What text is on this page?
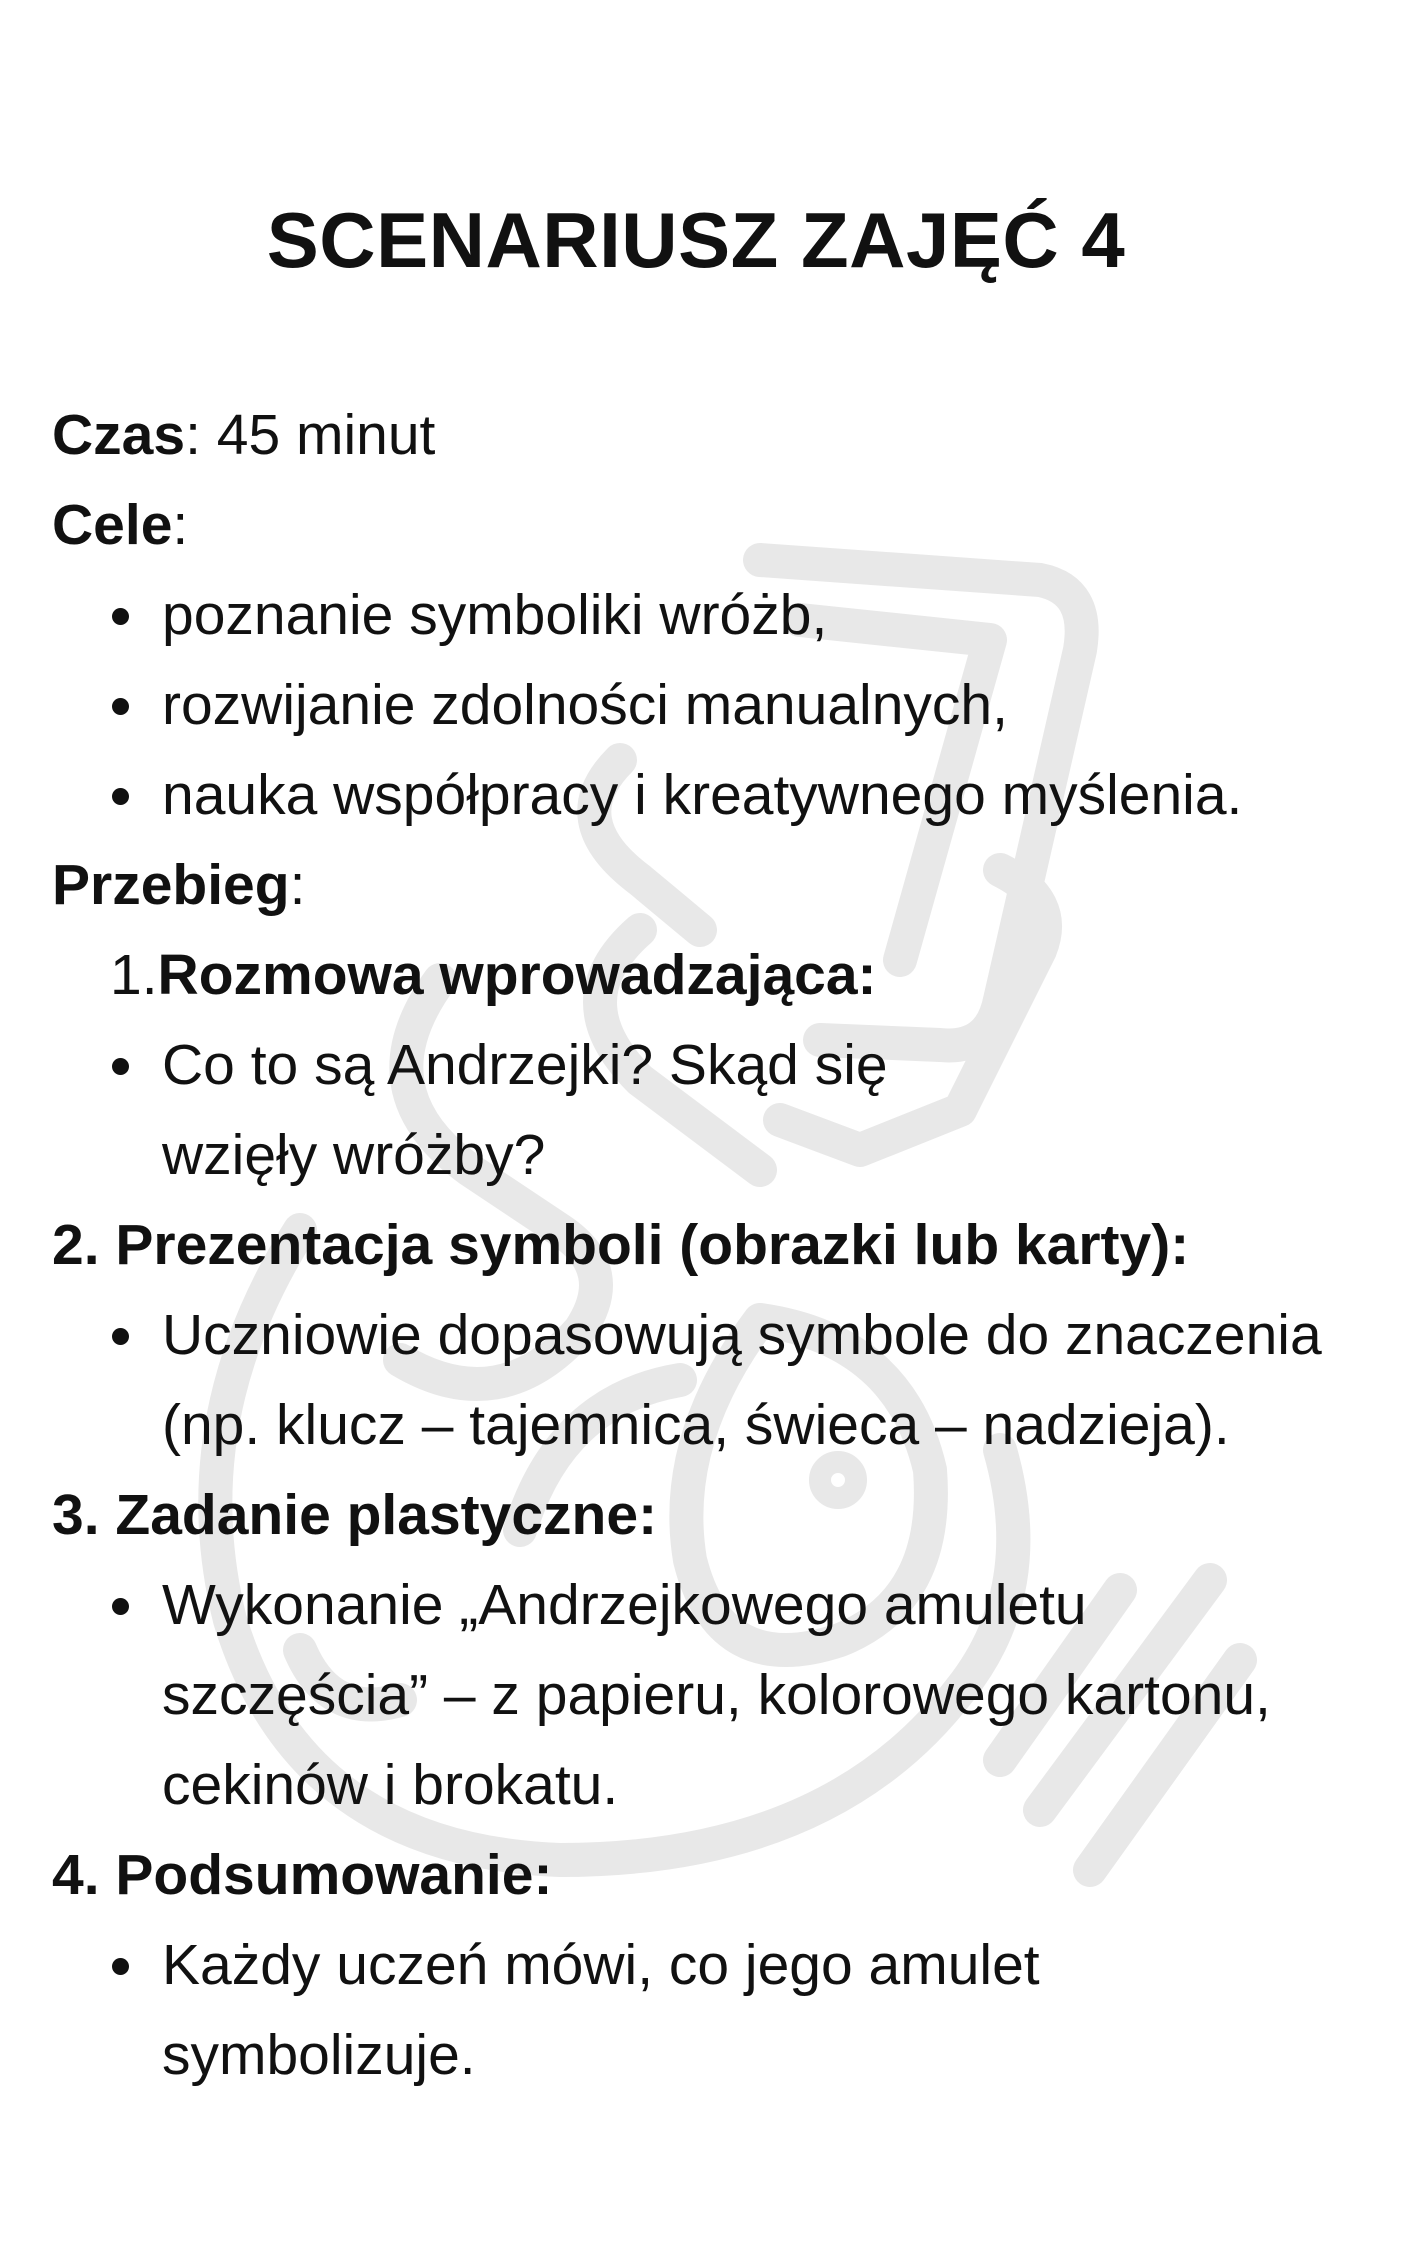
SCENARIUSZ ZAJĘĆ 4

Czas: 45 minut

Cele:

poznanie symboliki wróżb,
rozwijanie zdolności manualnych,
nauka współpracy i kreatywnego myślenia.

Przebieg:

1.Rozmowa wprowadzająca:

Co to są Andrzejki? Skąd się wzięły wróżby?

2. Prezentacja symboli (obrazki lub karty):

Uczniowie dopasowują symbole do znaczenia (np. klucz – tajemnica, świeca – nadzieja).

3. Zadanie plastyczne:

Wykonanie „Andrzejkowego amuletu szczęścia” – z papieru, kolorowego kartonu, cekinów i brokatu.

4. Podsumowanie:

Każdy uczeń mówi, co jego amulet symbolizuje.
